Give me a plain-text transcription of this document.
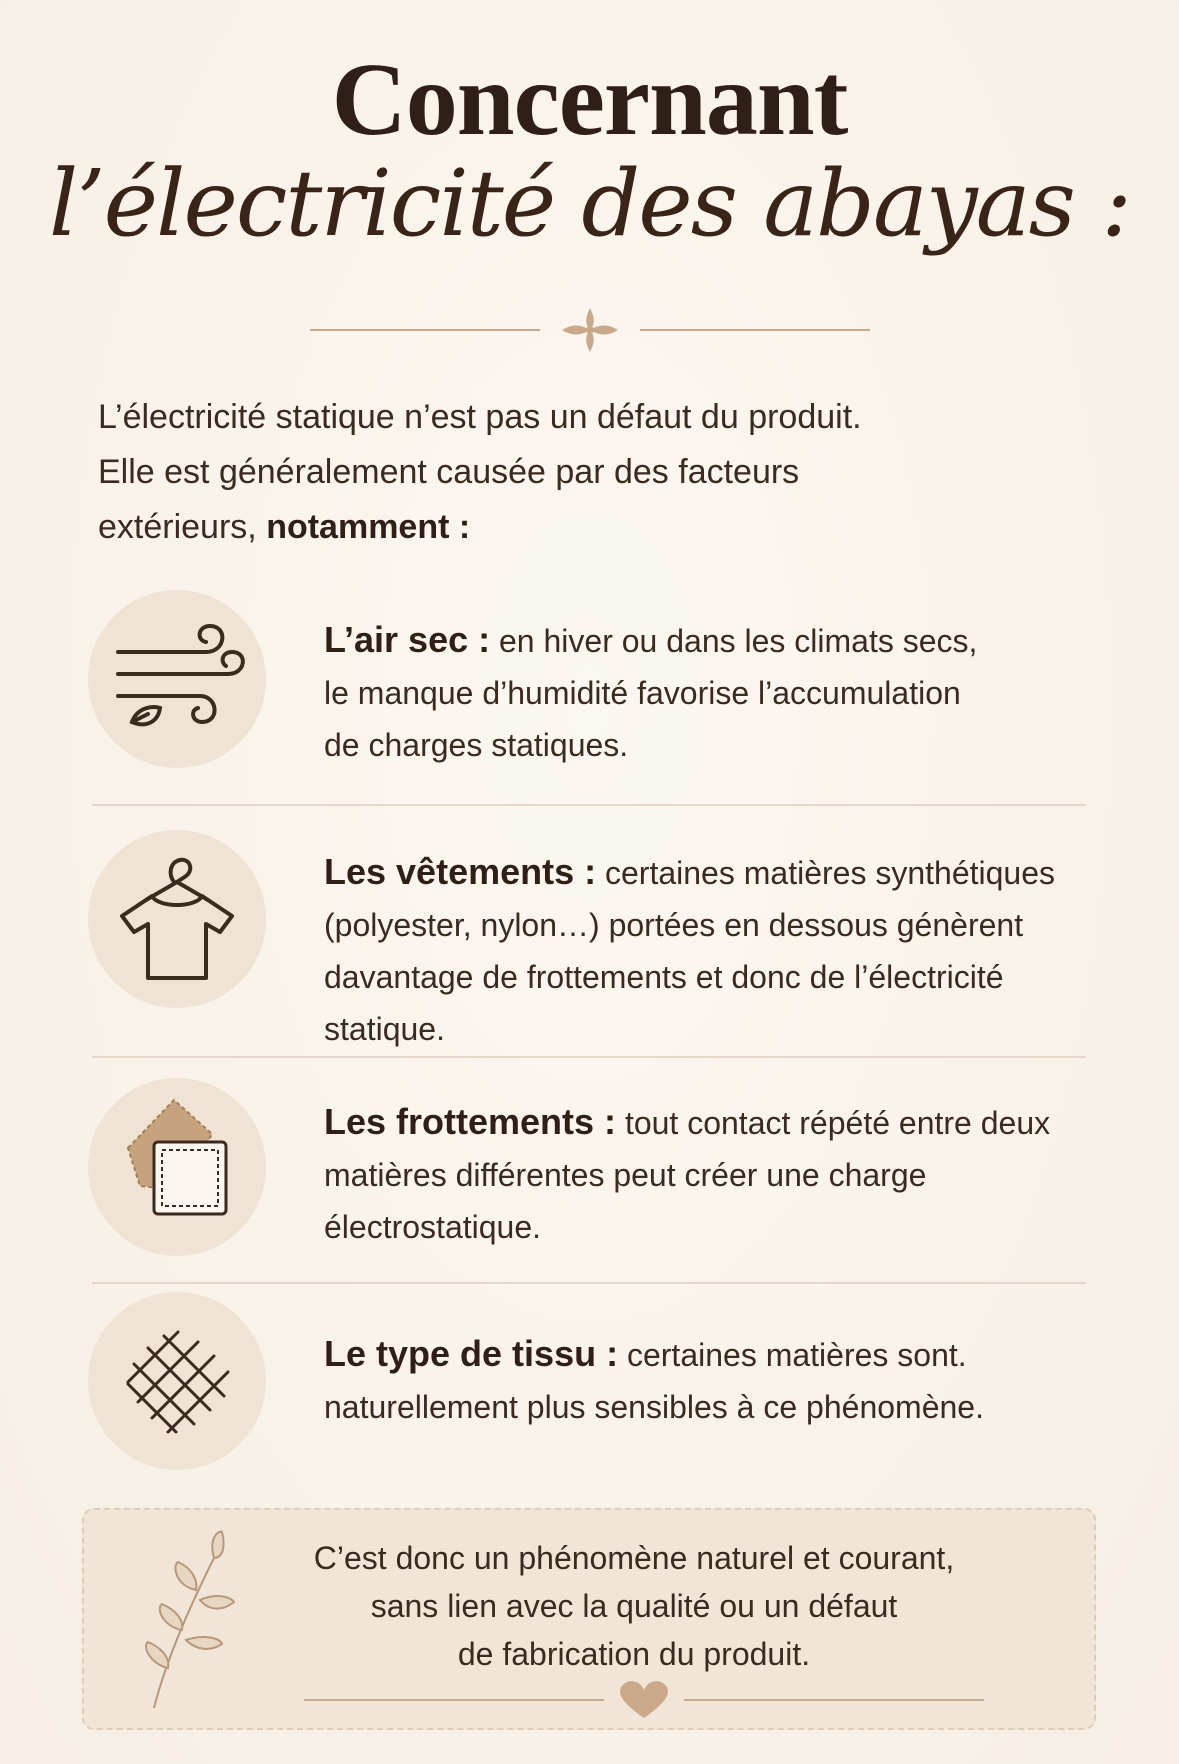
Concernant
l’électricité des abayas :
L’électricité statique n’est pas un défaut du produit.
Elle est généralement causée par des facteurs
extérieurs, notamment :
L’air sec : en hiver ou dans les climats secs,
le manque d’humidité favorise l’accumulation
de charges statiques.
Les vêtements : certaines matières synthétiques
(polyester, nylon…) portées en dessous génèrent
davantage de frottements et donc de l’électricité
statique.
Les frottements : tout contact répété entre deux
matières différentes peut créer une charge
électrostatique.
Le type de tissu : certaines matières sont.
naturellement plus sensibles à ce phénomène.
C’est donc un phénomène naturel et courant,
sans lien avec la qualité ou un défaut
de fabrication du produit.
